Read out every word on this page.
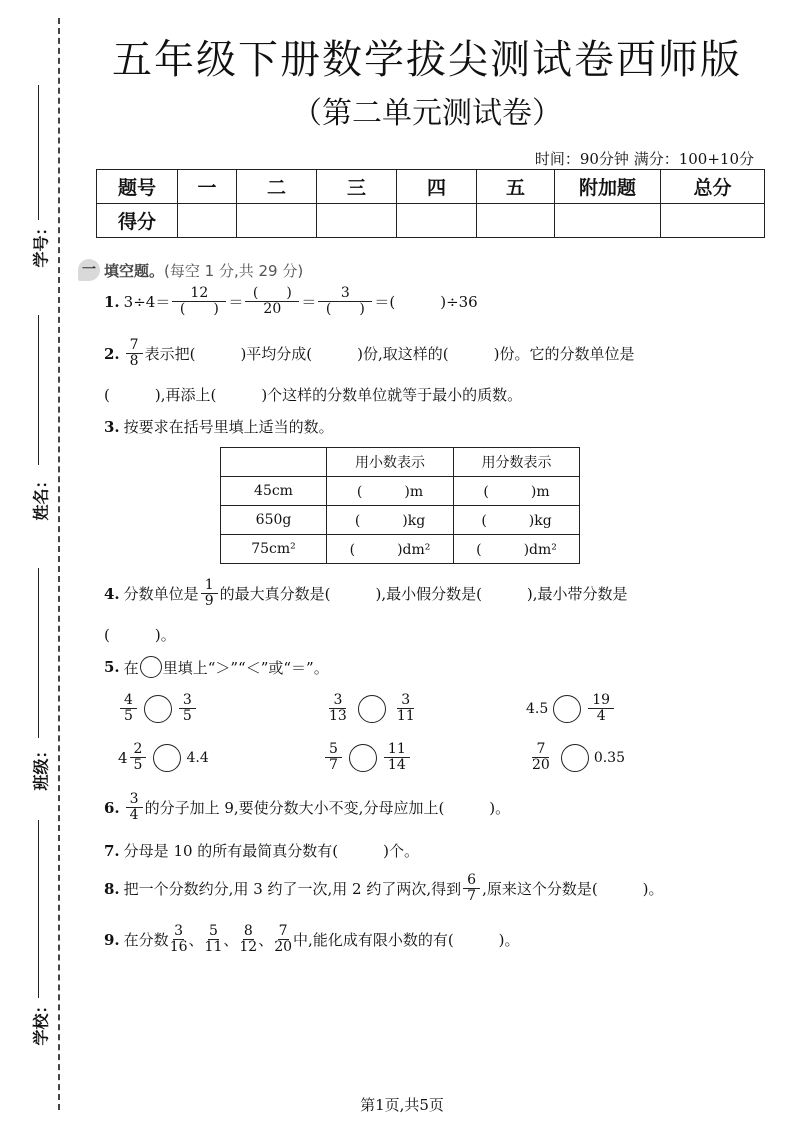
学号：
姓名：
班级：
学校：
五年级下册数学拔尖测试卷西师版
（第二单元测试卷）
时间：90分钟 满分：100+10分
题号	一	二	三	四	五	附加题	总分
得分							
一 填空题。 (每空 1 分,共 29 分)
1. $3\div 4= \frac{12}{( )} = \frac{( )}{20} = \frac{3}{( )}$ ＝(　　　)÷36
2. $\frac{7}{8}$ 表示把(　　　)平均分成(　　　)份,取这样的(　　　)份。它的分数单位是
(　　　),再添上(　　　)个这样的分数单位就等于最小的质数。
3. 按要求在括号里填上适当的数。
	用小数表示	用分数表示
45cm	(　　　)m	(　　　)m
650g	(　　　)kg	(　　　)kg
75cm²	(　　　)dm²	(　　　)dm²
4. 分数单位是 $\frac{1}{9}$ 的最大真分数是(　　　),最小假分数是(　　　),最小带分数是
(　　　)。
5. 在 里填上“＞”“＜”或“＝”。
$\frac{4}{5}$	$\frac{3}{5}$	$\frac{3}{13}$	$\frac{3}{11}$	4.5	$\frac{19}{4}$
$4 \frac{2}{5}$	4.4	$\frac{5}{7}$	$\frac{11}{14}$	$\frac{7}{20}$	0.35
6. $\frac{3}{4}$ 的分子加上 9,要使分数大小不变,分母应加上(　　　)。
7. 分母是 10 的所有最简真分数有(　　　)个。
8. 把一个分数约分,用 3 约了一次,用 2 约了两次,得到 $\frac{6}{7}$ ,原来这个分数是(　　　)。
9. 在分数 $\frac{3}{16}$ 、 $\frac{5}{11}$ 、 $\frac{8}{12}$ 、 $\frac{7}{20}$ 中,能化成有限小数的有(　　　)。
第1页,共5页
